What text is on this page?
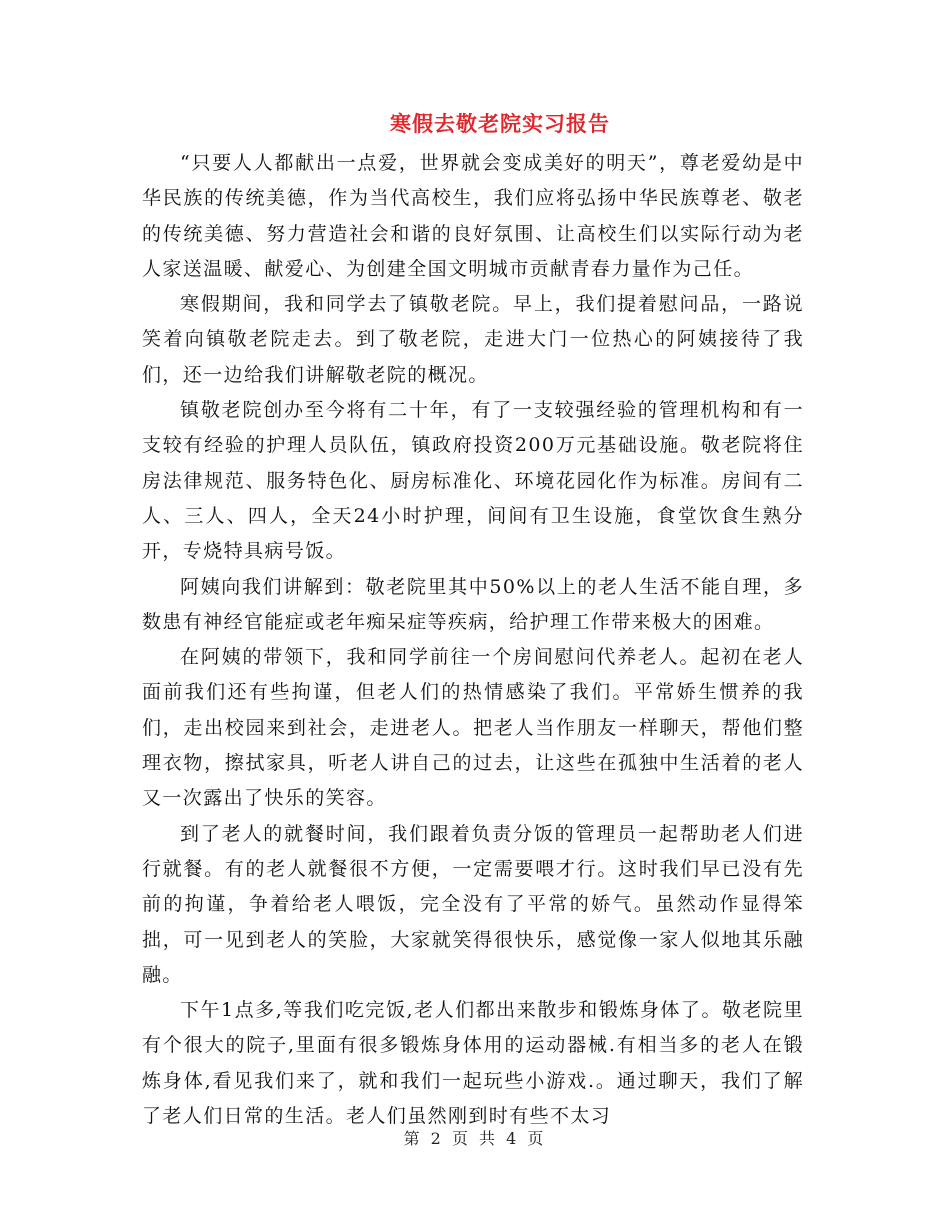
寒假去敬老院实习报告

“只要人人都献出一点爱，世界就会变成美好的明天”，尊老爱幼是中华民族的传统美德，作为当代高校生，我们应将弘扬中华民族尊老、敬老的传统美德、努力营造社会和谐的良好氛围、让高校生们以实际行动为老人家送温暖、献爱心、为创建全国文明城市贡献青春力量作为己任。

寒假期间，我和同学去了镇敬老院。早上，我们提着慰问品，一路说笑着向镇敬老院走去。到了敬老院，走进大门一位热心的阿姨接待了我们，还一边给我们讲解敬老院的概况。

镇敬老院创办至今将有二十年，有了一支较强经验的管理机构和有一支较有经验的护理人员队伍，镇政府投资200万元基础设施。敬老院将住房法律规范、服务特色化、厨房标准化、环境花园化作为标准。房间有二人、三人、四人，全天24小时护理，间间有卫生设施，食堂饮食生熟分开，专烧特具病号饭。

阿姨向我们讲解到：敬老院里其中50%以上的老人生活不能自理，多数患有神经官能症或老年痴呆症等疾病，给护理工作带来极大的困难。

在阿姨的带领下，我和同学前往一个房间慰问代养老人。起初在老人面前我们还有些拘谨，但老人们的热情感染了我们。平常娇生惯养的我们，走出校园来到社会，走进老人。把老人当作朋友一样聊天，帮他们整理衣物，擦拭家具，听老人讲自己的过去，让这些在孤独中生活着的老人又一次露出了快乐的笑容。

到了老人的就餐时间，我们跟着负责分饭的管理员一起帮助老人们进行就餐。有的老人就餐很不方便，一定需要喂才行。这时我们早已没有先前的拘谨，争着给老人喂饭，完全没有了平常的娇气。虽然动作显得笨拙，可一见到老人的笑脸，大家就笑得很快乐，感觉像一家人似地其乐融融。

下午1点多,等我们吃完饭,老人们都出来散步和锻炼身体了。敬老院里有个很大的院子,里面有很多锻炼身体用的运动器械.有相当多的老人在锻炼身体,看见我们来了，就和我们一起玩些小游戏.。通过聊天，我们了解了老人们日常的生活。老人们虽然刚到时有些不太习

第 2 页 共 4 页
